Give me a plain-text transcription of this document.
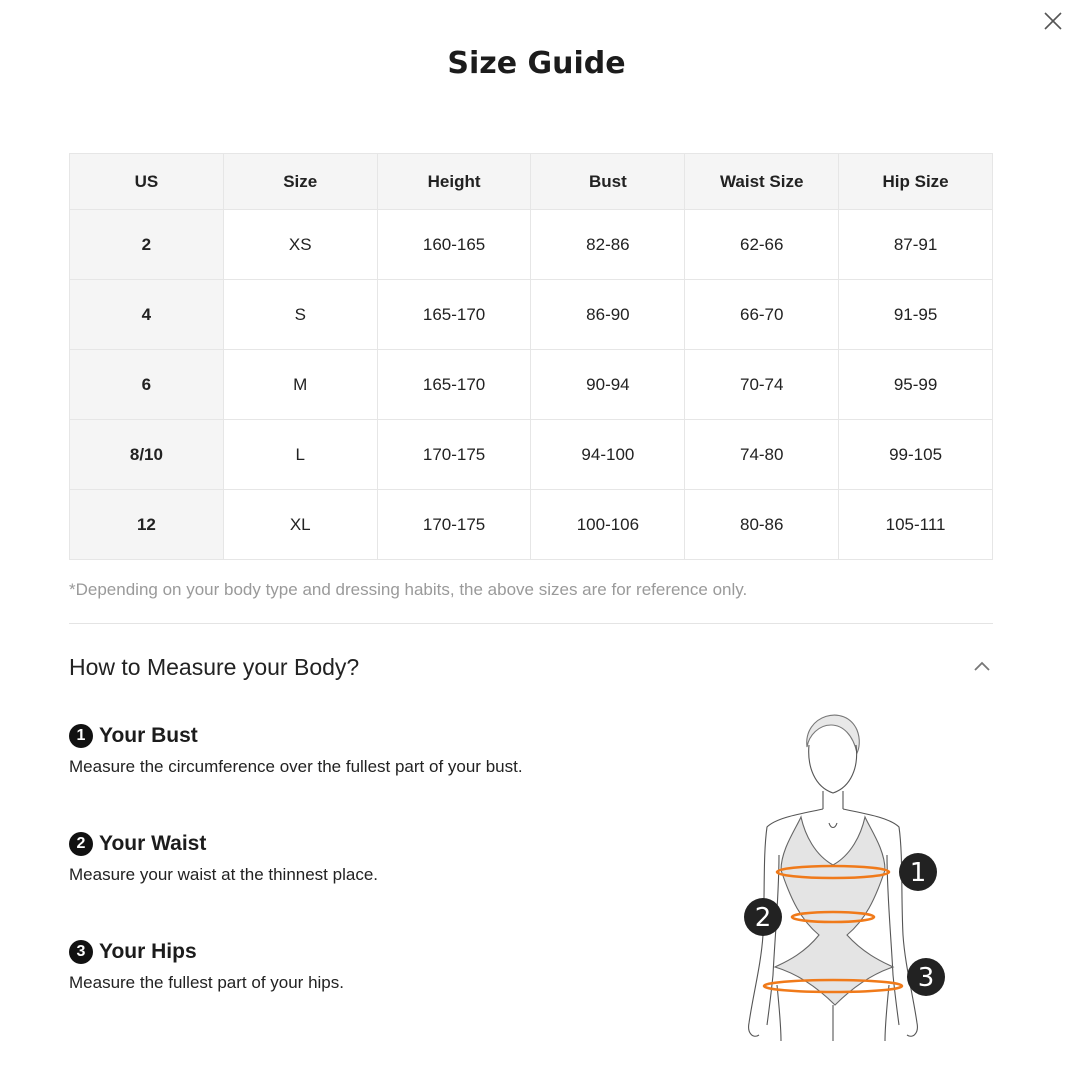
Size Guide
US	Size	Height	Bust	Waist Size	Hip Size
2	XS	160-165	82-86	62-66	87-91
4	S	165-170	86-90	66-70	91-95
6	M	165-170	90-94	70-74	95-99
8/10	L	170-175	94-100	74-80	99-105
12	XL	170-175	100-106	80-86	105-111

*Depending on your body type and dressing habits, the above sizes are for reference only.

How to Measure your Body?
1 Your Bust
Measure the circumference over the fullest part of your bust.
2 Your Waist
Measure your waist at the thinnest place.
3 Your Hips
Measure the fullest part of your hips.
1
2
3
